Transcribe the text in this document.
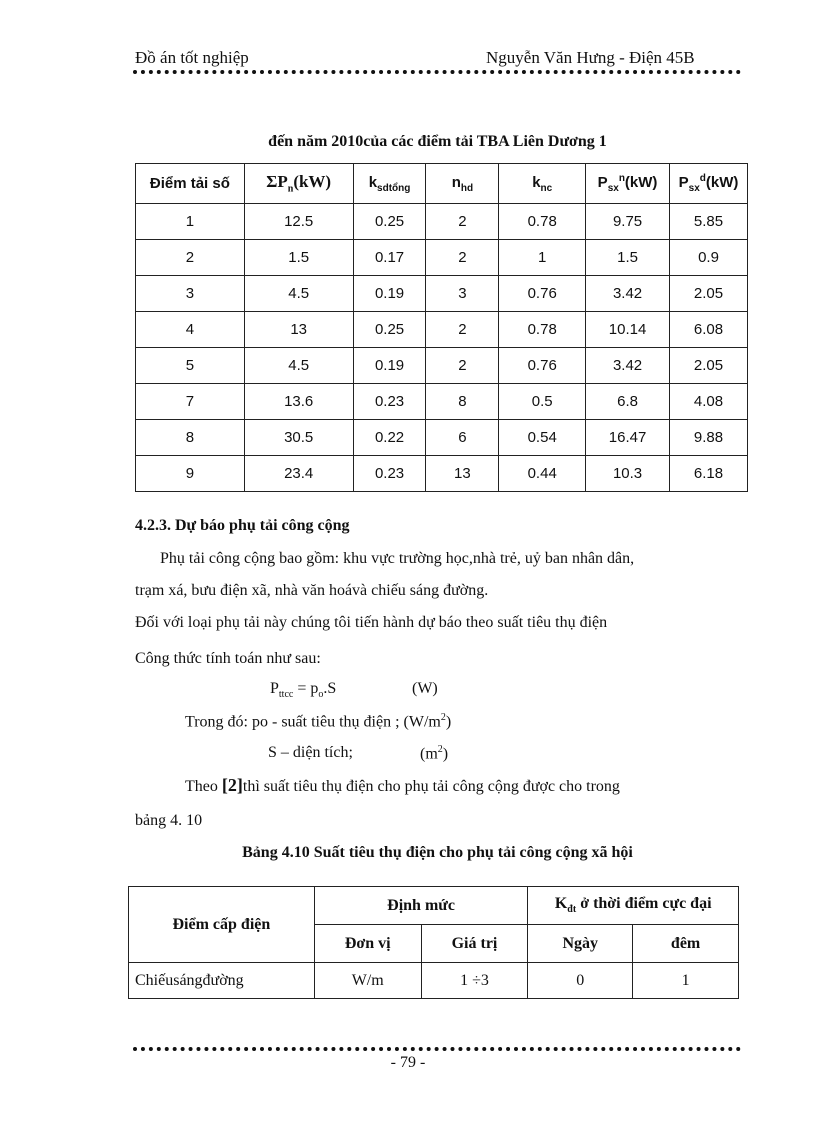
Đồ án tốt nghiệp	Nguyễn Văn Hưng - Điện 45B
đến năm 2010của các điểm tải TBA Liên Dương 1
Điểm tải số	$\Sigma P_n(kW)$	$k_{sdtổng}$	$n_{hd}$	$k_{nc}$	$P_{sx}^n(kW)$	$P_{sx}^d(kW)$
1	12.5	0.25	2	0.78	9.75	5.85
2	1.5	0.17	2	1	1.5	0.9
3	4.5	0.19	3	0.76	3.42	2.05
4	13	0.25	2	0.78	10.14	6.08
5	4.5	0.19	2	0.76	3.42	2.05
7	13.6	0.23	8	0.5	6.8	4.08
8	30.5	0.22	6	0.54	16.47	9.88
9	23.4	0.23	13	0.44	10.3	6.18
4.2.3. Dự báo phụ tải công cộng
Phụ tải công cộng bao gồm: khu vực trường học,nhà trẻ, uỷ ban nhân dân,
trạm xá, bưu điện xã, nhà văn hoávà chiếu sáng đường.
Đối với loại phụ tải này chúng tôi tiến hành dự báo theo suất tiêu thụ điện
Công thức tính toán như sau:
$P_{ttcc} = p_o.S$	(W)
Trong đó: po - suất tiêu thụ điện ; $(W/m^2)$
S – diện tích;	$(m^2)$
Theo [2]thì suất tiêu thụ điện cho phụ tải công cộng được cho trong
bảng 4. 10
Bảng 4.10 Suất tiêu thụ điện cho phụ tải công cộng xã hội
Điểm cấp điện	Định mức		$K_{đt}$ ở thời điểm cực đại	
	Đơn vị	Giá trị	Ngày	đêm
Chiếusángđường	W/m	1 ÷3	0	1
- 79 -
